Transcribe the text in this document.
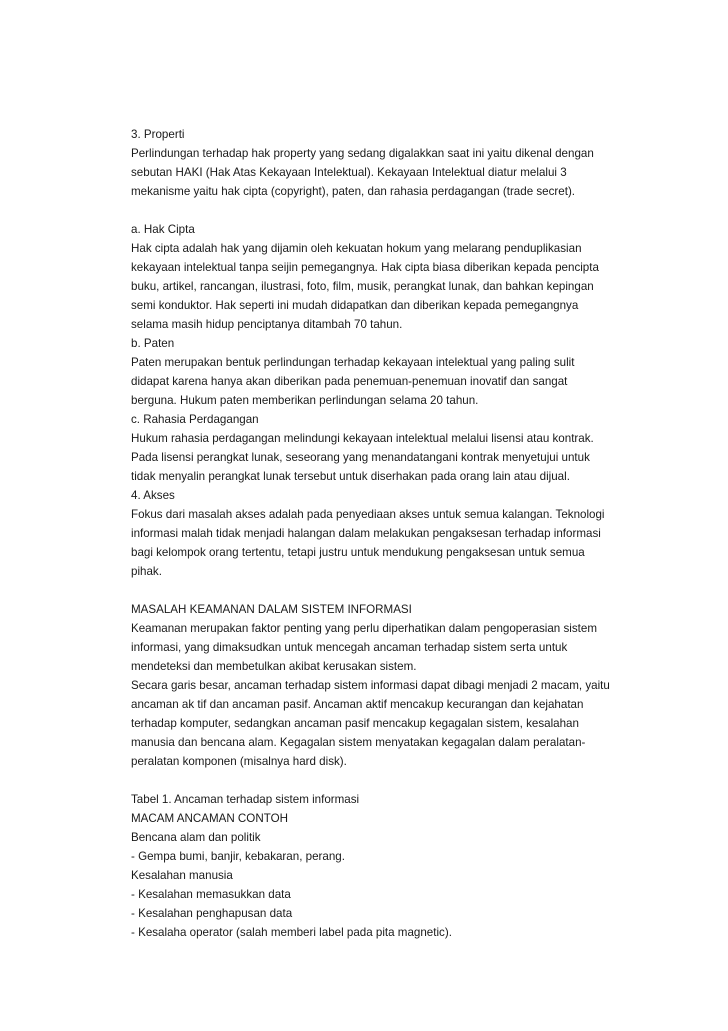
3. Properti
Perlindungan terhadap hak property yang sedang digalakkan saat ini yaitu dikenal dengan
sebutan HAKI (Hak Atas Kekayaan Intelektual). Kekayaan Intelektual diatur melalui 3
mekanisme yaitu hak cipta (copyright), paten, dan rahasia perdagangan (trade secret).
a. Hak Cipta
Hak cipta adalah hak yang dijamin oleh kekuatan hokum yang melarang penduplikasian
kekayaan intelektual tanpa seijin pemegangnya. Hak cipta biasa diberikan kepada pencipta
buku, artikel, rancangan, ilustrasi, foto, film, musik, perangkat lunak, dan bahkan kepingan
semi konduktor. Hak seperti ini mudah didapatkan dan diberikan kepada pemegangnya
selama masih hidup penciptanya ditambah 70 tahun.
b. Paten
Paten merupakan bentuk perlindungan terhadap kekayaan intelektual yang paling sulit
didapat karena hanya akan diberikan pada penemuan-penemuan inovatif dan sangat
berguna. Hukum paten memberikan perlindungan selama 20 tahun.
c. Rahasia Perdagangan
Hukum rahasia perdagangan melindungi kekayaan intelektual melalui lisensi atau kontrak.
Pada lisensi perangkat lunak, seseorang yang menandatangani kontrak menyetujui untuk
tidak menyalin perangkat lunak tersebut untuk diserhakan pada orang lain atau dijual.
4. Akses
Fokus dari masalah akses adalah pada penyediaan akses untuk semua kalangan. Teknologi
informasi malah tidak menjadi halangan dalam melakukan pengaksesan terhadap informasi
bagi kelompok orang tertentu, tetapi justru untuk mendukung pengaksesan untuk semua
pihak.
MASALAH KEAMANAN DALAM SISTEM INFORMASI
Keamanan merupakan faktor penting yang perlu diperhatikan dalam pengoperasian sistem
informasi, yang dimaksudkan untuk mencegah ancaman terhadap sistem serta untuk
mendeteksi dan membetulkan akibat kerusakan sistem.
Secara garis besar, ancaman terhadap sistem informasi dapat dibagi menjadi 2 macam, yaitu
ancaman ak tif dan ancaman pasif. Ancaman aktif mencakup kecurangan dan kejahatan
terhadap komputer, sedangkan ancaman pasif mencakup kegagalan sistem, kesalahan
manusia dan bencana alam. Kegagalan sistem menyatakan kegagalan dalam peralatan-
peralatan komponen (misalnya hard disk).
Tabel 1. Ancaman terhadap sistem informasi
MACAM ANCAMAN CONTOH
Bencana alam dan politik
- Gempa bumi, banjir, kebakaran, perang.
Kesalahan manusia
- Kesalahan memasukkan data
- Kesalahan penghapusan data
- Kesalaha operator (salah memberi label pada pita magnetic).
